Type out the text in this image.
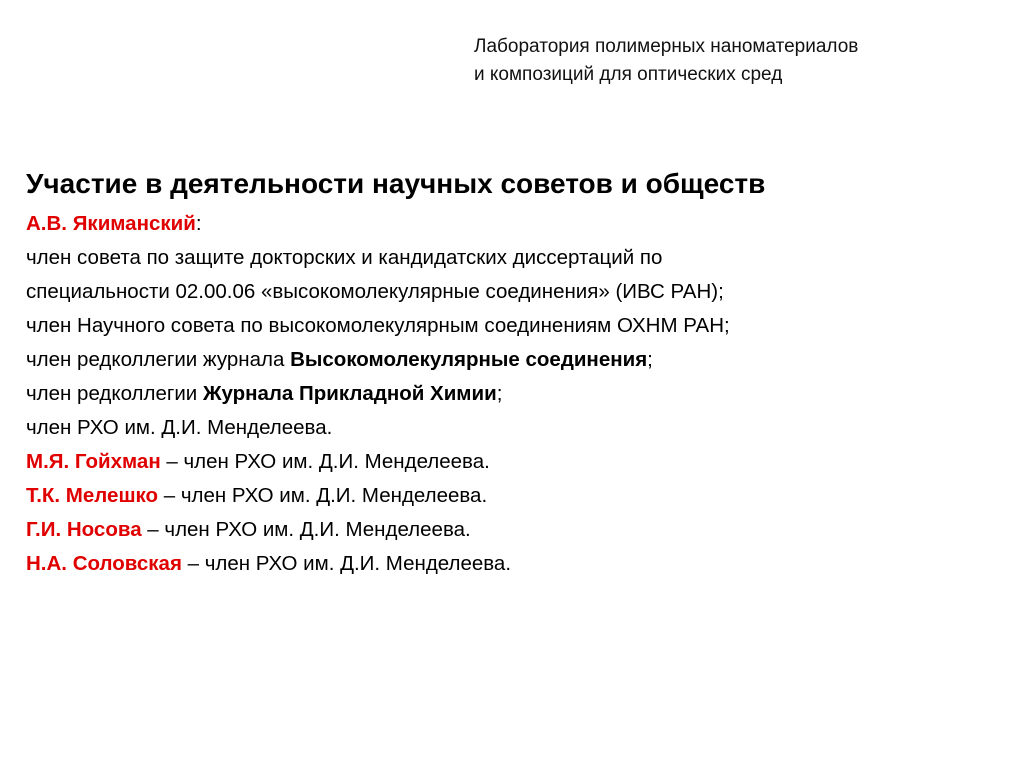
Лаборатория полимерных наноматериалов
и композиций для оптических сред
Участие в деятельности научных советов и обществ
А.В. Якиманский:
член совета по защите докторских и кандидатских диссертаций по
специальности 02.00.06 «высокомолекулярные соединения» (ИВС РАН);
член Научного совета по высокомолекулярным соединениям ОХНМ РАН;
член редколлегии журнала Высокомолекулярные соединения;
член редколлегии Журнала Прикладной Химии;
член РХО им. Д.И. Менделеева.
М.Я. Гойхман – член РХО им. Д.И. Менделеева.
Т.К. Мелешко – член РХО им. Д.И. Менделеева.
Г.И. Носова – член РХО им. Д.И. Менделеева.
Н.А. Соловская – член РХО им. Д.И. Менделеева.
